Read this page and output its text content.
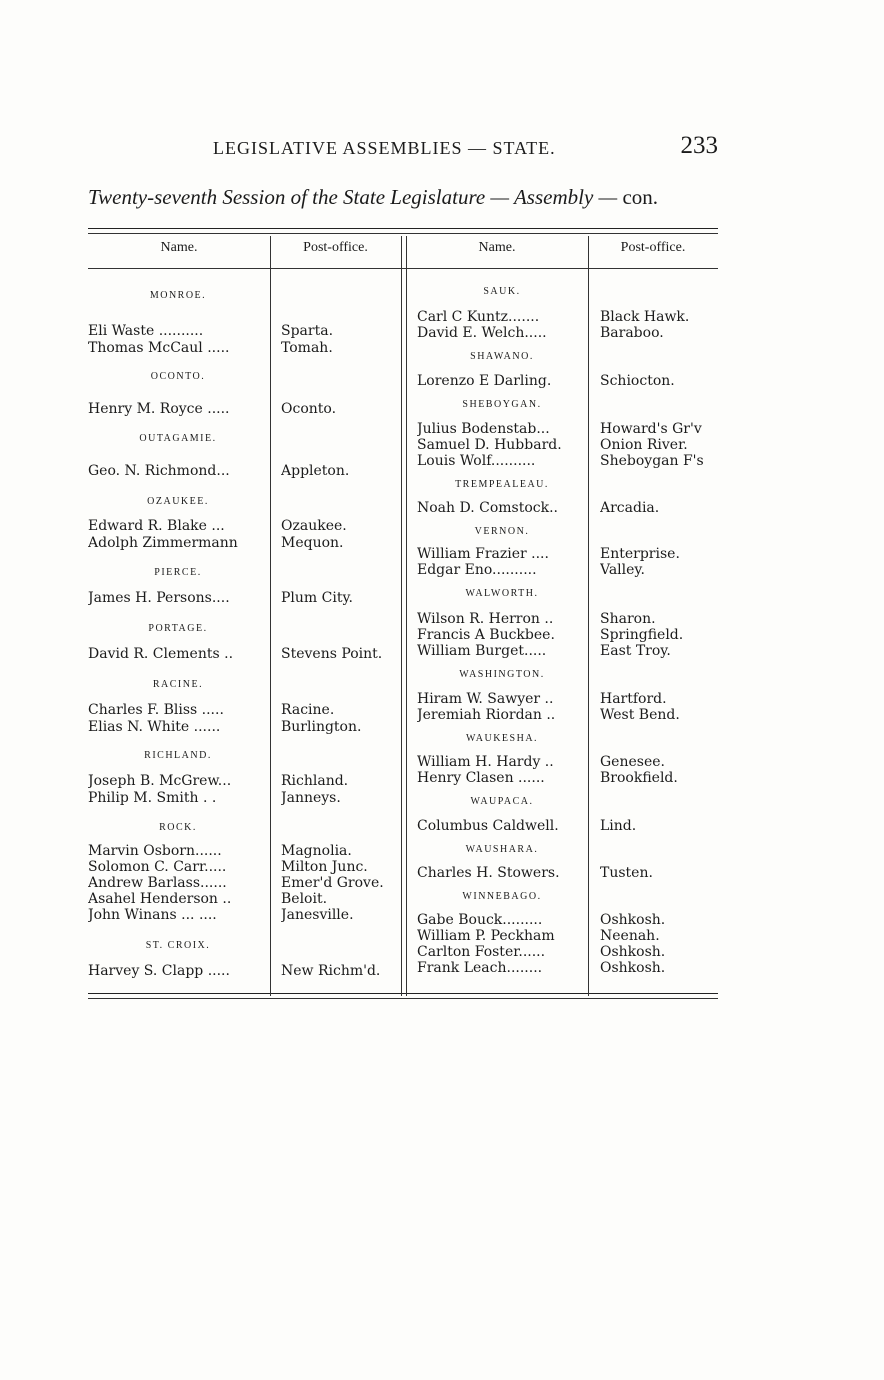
LEGISLATIVE ASSEMBLIES — STATE.	233
Twenty-seventh Session of the State Legislature — Assembly — con.
Name.	Post-office.	Name.	Post-office.
MONROE.
Eli Waste ..........	Sparta.
Thomas McCaul .....	Tomah.
OCONTO.
Henry M. Royce .....	Oconto.
OUTAGAMIE.
Geo. N. Richmond...	Appleton.
OZAUKEE.
Edward R. Blake ...	Ozaukee.
Adolph Zimmermann	Mequon.
PIERCE.
James H. Persons....	Plum City.
PORTAGE.
David R. Clements ..	Stevens Point.
RACINE.
Charles F. Bliss .....	Racine.
Elias N. White ......	Burlington.
RICHLAND.
Joseph B. McGrew...	Richland.
Philip M. Smith . .	Janneys.
ROCK.
Marvin Osborn......	Magnolia.
Solomon C. Carr.....	Milton Junc.
Andrew Barlass......	Emer'd Grove.
Asahel Henderson ..	Beloit.
John Winans ... ....	Janesville.
ST. CROIX.
Harvey S. Clapp .....	New Richm'd.
SAUK.
Carl C Kuntz.......	Black Hawk.
David E. Welch.....	Baraboo.
SHAWANO.
Lorenzo E Darling.	Schiocton.
SHEBOYGAN.
Julius Bodenstab...	Howard's Gr'v
Samuel D. Hubbard.	Onion River.
Louis Wolf..........	Sheboygan F's
TREMPEALEAU.
Noah D. Comstock..	Arcadia.
VERNON.
William Frazier ....	Enterprise.
Edgar Eno..........	Valley.
WALWORTH.
Wilson R. Herron ..	Sharon.
Francis A Buckbee.	Springfield.
William Burget.....	East Troy.
WASHINGTON.
Hiram W. Sawyer ..	Hartford.
Jeremiah Riordan ..	West Bend.
WAUKESHA.
William H. Hardy ..	Genesee.
Henry Clasen ......	Brookfield.
WAUPACA.
Columbus Caldwell.	Lind.
WAUSHARA.
Charles H. Stowers.	Tusten.
WINNEBAGO.
Gabe Bouck.........	Oshkosh.
William P. Peckham	Neenah.
Carlton Foster......	Oshkosh.
Frank Leach........	Oshkosh.
